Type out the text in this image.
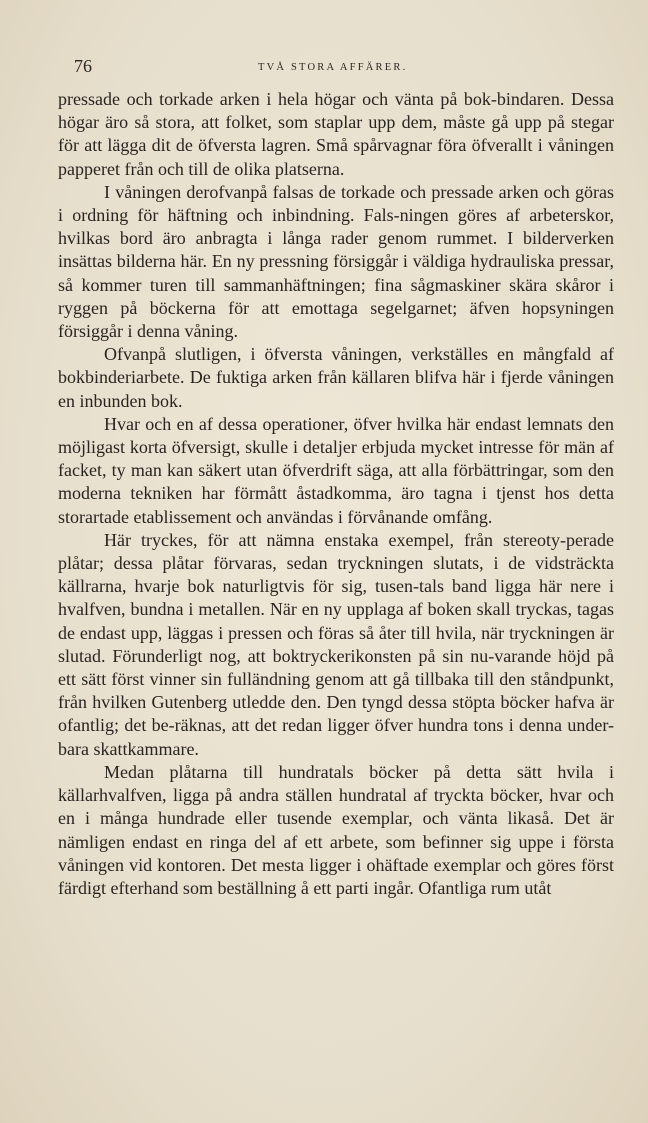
76	TVÅ STORA AFFÄRER.

pressade och torkade arken i hela högar och vänta på bok-bindaren. Dessa högar äro så stora, att folket, som staplar upp dem, måste gå upp på stegar för att lägga dit de öfversta lagren. Små spårvagnar föra öfverallt i våningen papperet från och till de olika platserna.

I våningen derofvanpå falsas de torkade och pressade arken och göras i ordning för häftning och inbindning. Fals-ningen göres af arbeterskor, hvilkas bord äro anbragta i långa rader genom rummet. I bilderverken insättas bilderna här. En ny pressning försiggår i väldiga hydrauliska pressar, så kommer turen till sammanhäftningen; fina sågmaskiner skära skåror i ryggen på böckerna för att emottaga segelgarnet; äfven hopsyningen försiggår i denna våning.

Ofvanpå slutligen, i öfversta våningen, verkställes en mångfald af bokbinderiarbete. De fuktiga arken från källaren blifva här i fjerde våningen en inbunden bok.

Hvar och en af dessa operationer, öfver hvilka här endast lemnats den möjligast korta öfversigt, skulle i detaljer erbjuda mycket intresse för män af facket, ty man kan säkert utan öfverdrift säga, att alla förbättringar, som den moderna tekniken har förmått åstadkomma, äro tagna i tjenst hos detta storartade etablissement och användas i förvånande omfång.

Här tryckes, för att nämna enstaka exempel, från stereoty-perade plåtar; dessa plåtar förvaras, sedan tryckningen slutats, i de vidsträckta källrarna, hvarje bok naturligtvis för sig, tusen-tals band ligga här nere i hvalfven, bundna i metallen. När en ny upplaga af boken skall tryckas, tagas de endast upp, läggas i pressen och föras så åter till hvila, när tryckningen är slutad. Förunderligt nog, att boktryckerikonsten på sin nu-varande höjd på ett sätt först vinner sin fulländning genom att gå tillbaka till den ståndpunkt, från hvilken Gutenberg utledde den. Den tyngd dessa stöpta böcker hafva är ofantlig; det be-räknas, att det redan ligger öfver hundra tons i denna under-bara skattkammare.

Medan plåtarna till hundratals böcker på detta sätt hvila i källarhvalfven, ligga på andra ställen hundratal af tryckta böcker, hvar och en i många hundrade eller tusende exemplar, och vänta likaså. Det är nämligen endast en ringa del af ett arbete, som befinner sig uppe i första våningen vid kontoren. Det mesta ligger i ohäftade exemplar och göres först färdigt efterhand som beställning å ett parti ingår. Ofantliga rum utåt
